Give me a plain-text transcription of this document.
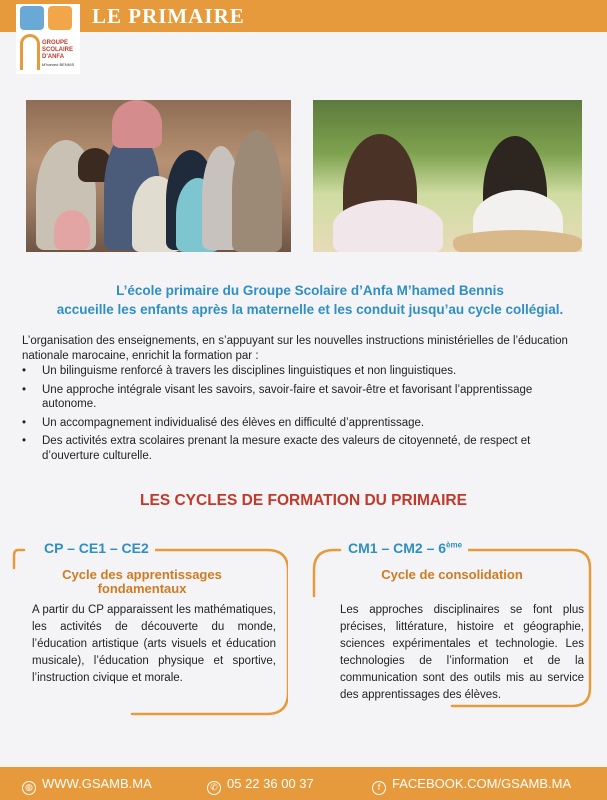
LE PRIMAIRE
GROUPE
SCOLAIRE
D'ANFA
M'hamed BENNIS
L’école primaire du Groupe Scolaire d’Anfa M’hamed Bennis
accueille les enfants après la maternelle et les conduit jusqu’au cycle collégial.
L’organisation des enseignements, en s’appuyant sur les nouvelles instructions ministérielles de l’éducation nationale marocaine, enrichit la formation par :
• Un bilinguisme renforcé à travers les disciplines linguistiques et non linguistiques.
• Une approche intégrale visant les savoirs, savoir-faire et savoir-être et favorisant l’apprentissage autonome.
• Un accompagnement individualisé des élèves en difficulté d’apprentissage.
• Des activités extra scolaires prenant la mesure exacte des valeurs de citoyenneté, de respect et d’ouverture culturelle.
LES CYCLES DE FORMATION DU PRIMAIRE
CP – CE1 – CE2
Cycle des apprentissages
fondamentaux
A partir du CP apparaissent les mathématiques, les activités de découverte du monde, l’éducation artistique (arts visuels et éducation musicale), l’éducation physique et sportive, l’instruction civique et morale.
CM1 – CM2 – 6ème
Cycle de consolidation
Les approches disciplinaires se font plus précises, littérature, histoire et géographie, sciences expérimentales et technologie. Les technologies de l’information et de la communication sont des outils mis au service des apprentissages des élèves.
◍ WWW.GSAMB.MA	✆ 05 22 36 00 37	f FACEBOOK.COM/GSAMB.MA
